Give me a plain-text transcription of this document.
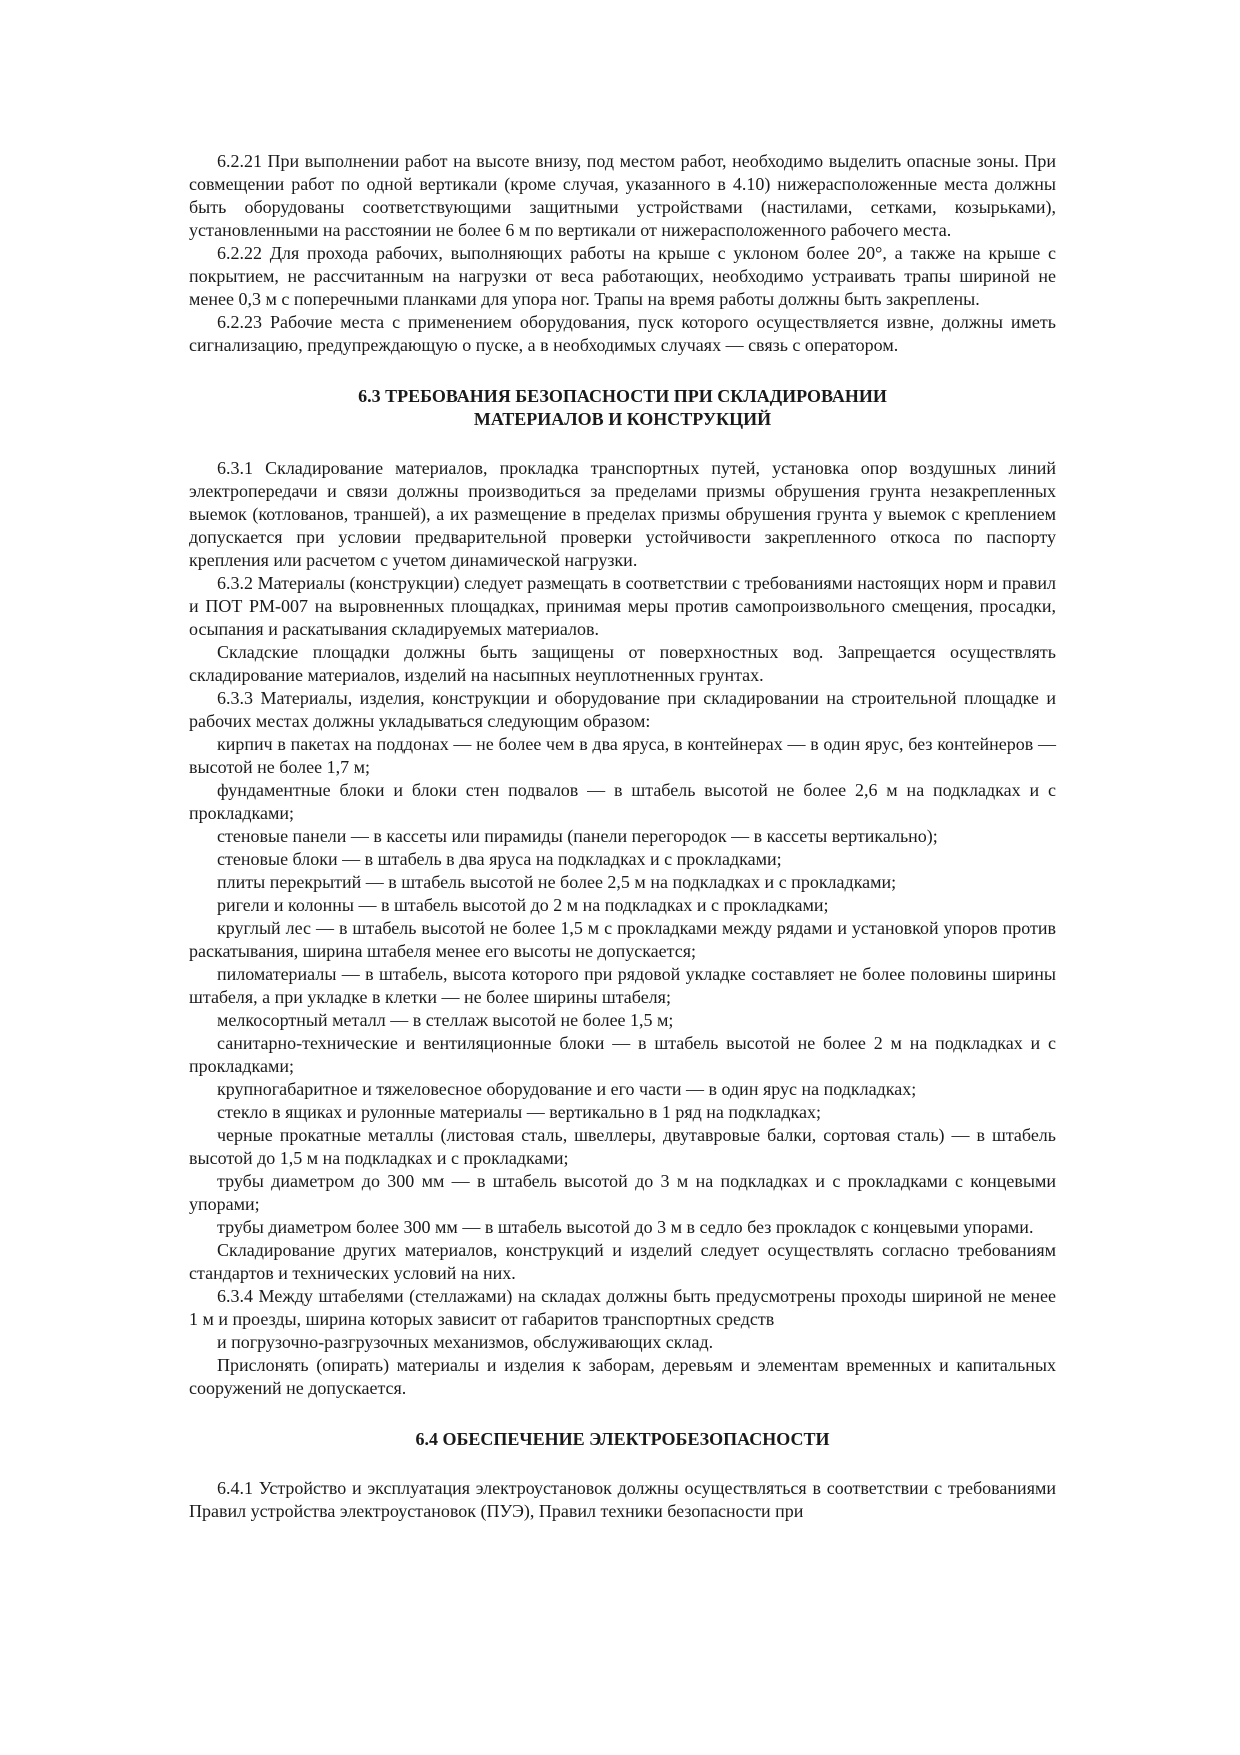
6.2.21 При выполнении работ на высоте внизу, под местом работ, необходимо выделить опасные зоны. При совмещении работ по одной вертикали (кроме случая, указанного в 4.10) нижерасположенные места должны быть оборудованы соответствующими защитными устройствами (настилами, сетками, козырьками), установленными на расстоянии не более 6 м по вертикали от нижерасположенного рабочего места.

6.2.22 Для прохода рабочих, выполняющих работы на крыше с уклоном более 20°, а также на крыше с покрытием, не рассчитанным на нагрузки от веса работающих, необходимо устраивать трапы шириной не менее 0,3 м с поперечными планками для упора ног. Трапы на время работы должны быть закреплены.

6.2.23 Рабочие места с применением оборудования, пуск которого осуществляется извне, должны иметь сигнализацию, предупреждающую о пуске, а в необходимых случаях — связь с оператором.

6.3 ТРЕБОВАНИЯ БЕЗОПАСНОСТИ ПРИ СКЛАДИРОВАНИИ
МАТЕРИАЛОВ И КОНСТРУКЦИЙ

6.3.1 Складирование материалов, прокладка транспортных путей, установка опор воздушных линий электропередачи и связи должны производиться за пределами призмы обрушения грунта незакрепленных выемок (котлованов, траншей), а их размещение в пределах призмы обрушения грунта у выемок с креплением допускается при условии предварительной проверки устойчивости закрепленного откоса по паспорту крепления или расчетом с учетом динамической нагрузки.

6.3.2 Материалы (конструкции) следует размещать в соответствии с требованиями настоящих норм и правил и ПОТ РМ-007 на выровненных площадках, принимая меры против самопроизвольного смещения, просадки, осыпания и раскатывания складируемых материалов.

Складские площадки должны быть защищены от поверхностных вод. Запрещается осуществлять складирование материалов, изделий на насыпных неуплотненных грунтах.

6.3.3 Материалы, изделия, конструкции и оборудование при складировании на строительной площадке и рабочих местах должны укладываться следующим образом:

кирпич в пакетах на поддонах — не более чем в два яруса, в контейнерах — в один ярус, без контейнеров — высотой не более 1,7 м;

фундаментные блоки и блоки стен подвалов — в штабель высотой не более 2,6 м на подкладках и с прокладками;

стеновые панели — в кассеты или пирамиды (панели перегородок — в кассеты вертикально);

стеновые блоки — в штабель в два яруса на подкладках и с прокладками;

плиты перекрытий — в штабель высотой не более 2,5 м на подкладках и с прокладками;

ригели и колонны — в штабель высотой до 2 м на подкладках и с прокладками;

круглый лес — в штабель высотой не более 1,5 м с прокладками между рядами и установкой упоров против раскатывания, ширина штабеля менее его высоты не допускается;

пиломатериалы — в штабель, высота которого при рядовой укладке составляет не более половины ширины штабеля, а при укладке в клетки — не более ширины штабеля;

мелкосортный металл — в стеллаж высотой не более 1,5 м;

санитарно-технические и вентиляционные блоки — в штабель высотой не более 2 м на подкладках и с прокладками;

крупногабаритное и тяжеловесное оборудование и его части — в один ярус на подкладках;

стекло в ящиках и рулонные материалы — вертикально в 1 ряд на подкладках;

черные прокатные металлы (листовая сталь, швеллеры, двутавровые балки, сортовая сталь) — в штабель высотой до 1,5 м на подкладках и с прокладками;

трубы диаметром до 300 мм — в штабель высотой до 3 м на подкладках и с прокладками с концевыми упорами;

трубы диаметром более 300 мм — в штабель высотой до 3 м в седло без прокладок с концевыми упорами.

Складирование других материалов, конструкций и изделий следует осуществлять согласно требованиям стандартов и технических условий на них.

6.3.4 Между штабелями (стеллажами) на складах должны быть предусмотрены проходы шириной не менее 1 м и проезды, ширина которых зависит от габаритов транспортных средств

и погрузочно-разгрузочных механизмов, обслуживающих склад.

Прислонять (опирать) материалы и изделия к заборам, деревьям и элементам временных и капитальных сооружений не допускается.

6.4 ОБЕСПЕЧЕНИЕ ЭЛЕКТРОБЕЗОПАСНОСТИ

6.4.1 Устройство и эксплуатация электроустановок должны осуществляться в соответствии с требованиями Правил устройства электроустановок (ПУЭ), Правил техники безопасности при
